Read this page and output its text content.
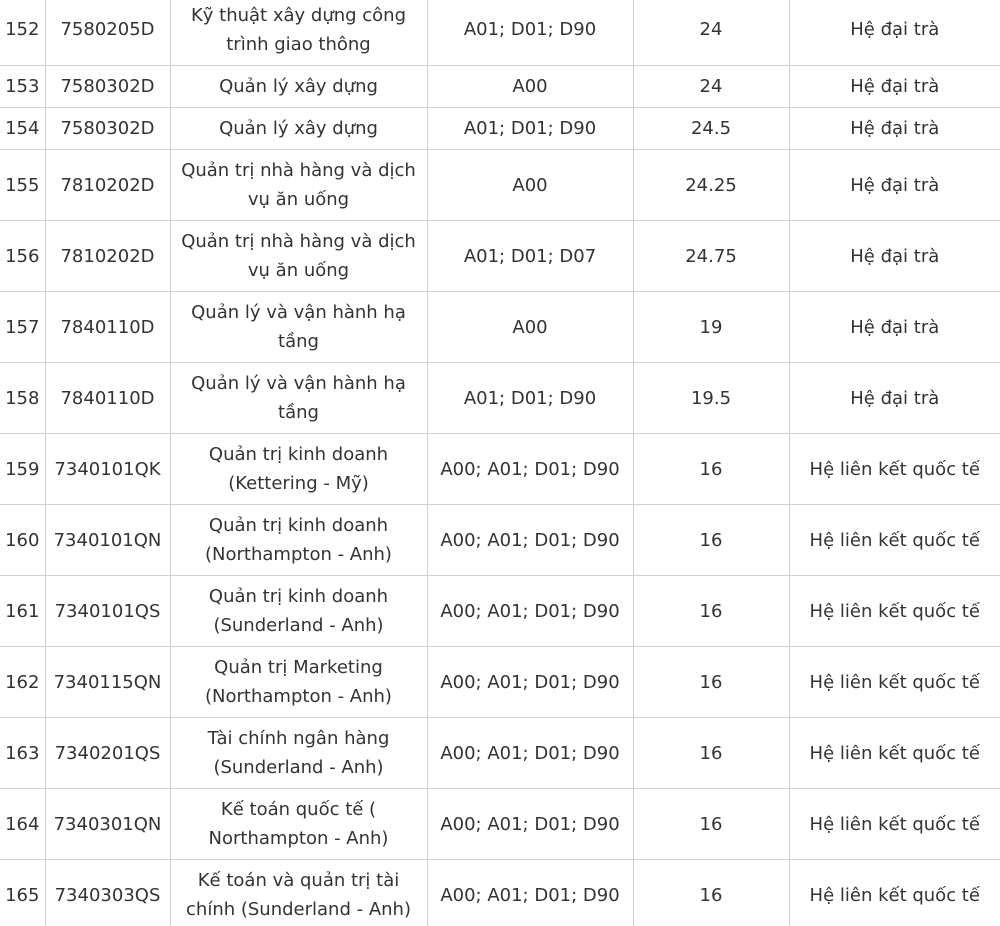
152	7580205D	Kỹ thuật xây dựng công trình giao thông	A01; D01; D90	24	Hệ đại trà
153	7580302D	Quản lý xây dựng	A00	24	Hệ đại trà
154	7580302D	Quản lý xây dựng	A01; D01; D90	24.5	Hệ đại trà
155	7810202D	Quản trị nhà hàng và dịch vụ ăn uống	A00	24.25	Hệ đại trà
156	7810202D	Quản trị nhà hàng và dịch vụ ăn uống	A01; D01; D07	24.75	Hệ đại trà
157	7840110D	Quản lý và vận hành hạ tầng	A00	19	Hệ đại trà
158	7840110D	Quản lý và vận hành hạ tầng	A01; D01; D90	19.5	Hệ đại trà
159	7340101QK	Quản trị kinh doanh (Kettering - Mỹ)	A00; A01; D01; D90	16	Hệ liên kết quốc tế
160	7340101QN	Quản trị kinh doanh (Northampton - Anh)	A00; A01; D01; D90	16	Hệ liên kết quốc tế
161	7340101QS	Quản trị kinh doanh (Sunderland - Anh)	A00; A01; D01; D90	16	Hệ liên kết quốc tế
162	7340115QN	Quản trị Marketing (Northampton - Anh)	A00; A01; D01; D90	16	Hệ liên kết quốc tế
163	7340201QS	Tài chính ngân hàng (Sunderland - Anh)	A00; A01; D01; D90	16	Hệ liên kết quốc tế
164	7340301QN	Kế toán quốc tế ( Northampton - Anh)	A00; A01; D01; D90	16	Hệ liên kết quốc tế
165	7340303QS	Kế toán và quản trị tài chính (Sunderland - Anh)	A00; A01; D01; D90	16	Hệ liên kết quốc tế
